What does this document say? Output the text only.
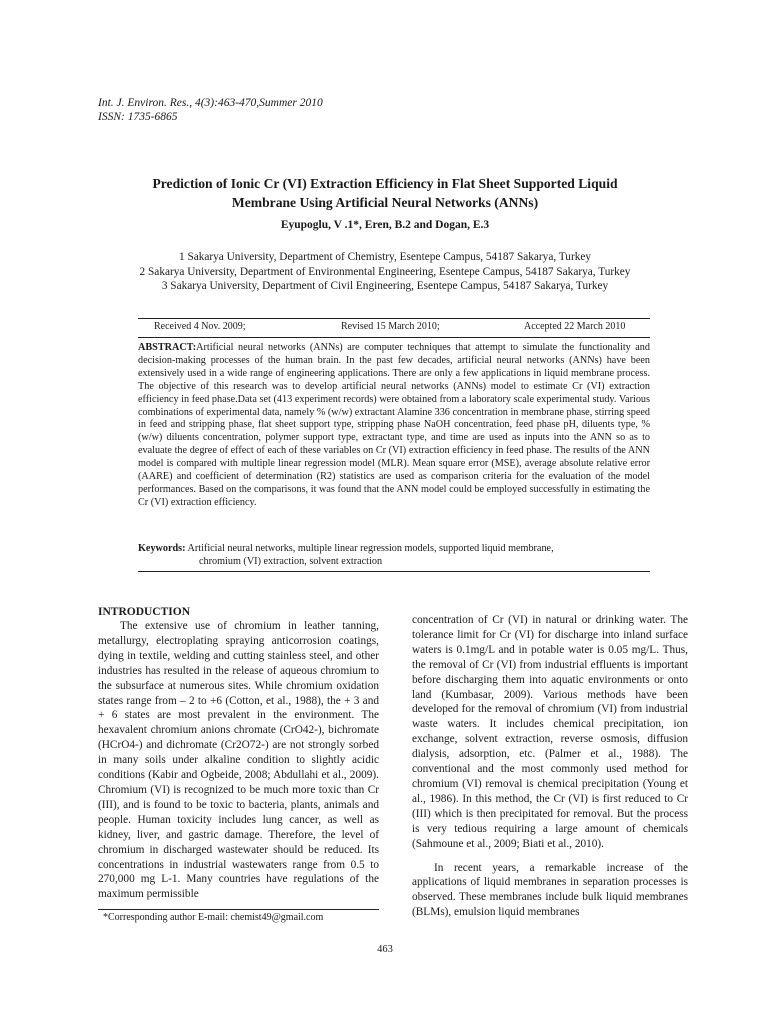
Int. J. Environ. Res., 4(3):463-470,Summer 2010
ISSN: 1735-6865
Prediction of Ionic Cr (VI) Extraction Efficiency in Flat Sheet Supported Liquid
Membrane Using Artificial Neural Networks (ANNs)
Eyupoglu, V .1*, Eren, B.2 and Dogan, E.3
1 Sakarya University, Department of Chemistry, Esentepe Campus, 54187 Sakarya, Turkey
2 Sakarya University, Department of Environmental Engineering, Esentepe Campus, 54187 Sakarya, Turkey
3 Sakarya University, Department of Civil Engineering, Esentepe Campus, 54187 Sakarya, Turkey
Received 4 Nov. 2009;	Revised 15 March 2010;	Accepted 22 March 2010
ABSTRACT:Artificial neural networks (ANNs) are computer techniques that attempt to simulate the functionality and decision-making processes of the human brain. In the past few decades, artificial neural networks (ANNs) have been extensively used in a wide range of engineering applications. There are only a few applications in liquid membrane process. The objective of this research was to develop artificial neural networks (ANNs) model to estimate Cr (VI) extraction efficiency in feed phase.Data set (413 experiment records) were obtained from a laboratory scale experimental study. Various combinations of experimental data, namely % (w/w) extractant Alamine 336 concentration in membrane phase, stirring speed in feed and stripping phase, flat sheet support type, stripping phase NaOH concentration, feed phase pH, diluents type, % (w/w) diluents concentration, polymer support type, extractant type, and time are used as inputs into the ANN so as to evaluate the degree of effect of each of these variables on Cr (VI) extraction efficiency in feed phase. The results of the ANN model is compared with multiple linear regression model (MLR). Mean square error (MSE), average absolute relative error (AARE) and coefficient of determination (R2) statistics are used as comparison criteria for the evaluation of the model performances. Based on the comparisons, it was found that the ANN model could be employed successfully in estimating the Cr (VI) extraction efficiency.
Keywords: Artificial neural networks, multiple linear regression models, supported liquid membrane,
chromium (VI) extraction, solvent extraction
INTRODUCTION

The extensive use of chromium in leather tanning, metallurgy, electroplating spraying anticorrosion coatings, dying in textile, welding and cutting stainless steel, and other industries has resulted in the release of aqueous chromium to the subsurface at numerous sites. While chromium oxidation states range from – 2 to +6 (Cotton, et al., 1988), the + 3 and + 6 states are most prevalent in the environment. The hexavalent chromium anions chromate (CrO42-), bichromate (HCrO4-) and dichromate (Cr2O72-) are not strongly sorbed in many soils under alkaline condition to slightly acidic conditions (Kabir and Ogbeide, 2008; Abdullahi et al., 2009). Chromium (VI) is recognized to be much more toxic than Cr (III), and is found to be toxic to bacteria, plants, animals and people. Human toxicity includes lung cancer, as well as kidney, liver, and gastric damage. Therefore, the level of chromium in discharged wastewater should be reduced. Its concentrations in industrial wastewaters range from 0.5 to 270,000 mg L-1. Many countries have regulations of the maximum permissible

concentration of Cr (VI) in natural or drinking water. The tolerance limit for Cr (VI) for discharge into inland surface waters is 0.1mg/L and in potable water is 0.05 mg/L. Thus, the removal of Cr (VI) from industrial effluents is important before discharging them into aquatic environments or onto land (Kumbasar, 2009). Various methods have been developed for the removal of chromium (VI) from industrial waste waters. It includes chemical precipitation, ion exchange, solvent extraction, reverse osmosis, diffusion dialysis, adsorption, etc. (Palmer et al., 1988). The conventional and the most commonly used method for chromium (VI) removal is chemical precipitation (Young et al., 1986). In this method, the Cr (VI) is first reduced to Cr (III) which is then precipitated for removal. But the process is very tedious requiring a large amount of chemicals (Sahmoune et al., 2009; Biati et al., 2010).

In recent years, a remarkable increase of the applications of liquid membranes in separation processes is observed. These membranes include bulk liquid membranes (BLMs), emulsion liquid membranes

*Corresponding author E-mail: chemist49@gmail.com
463
